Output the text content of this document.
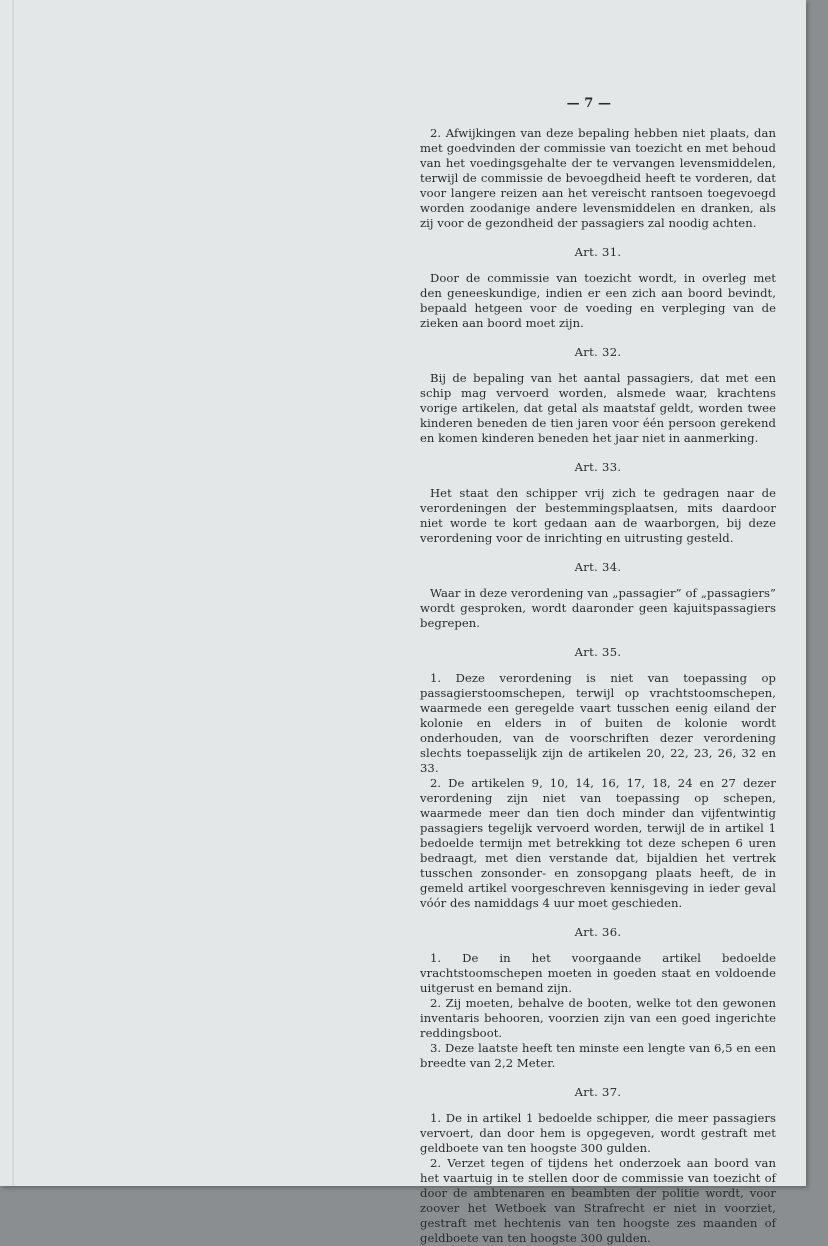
— 7 —

2. Afwijkingen van deze bepaling hebben niet plaats, dan met goedvinden der commissie van toezicht en met behoud van het voedingsgehalte der te vervangen levensmiddelen, terwijl de commissie de bevoegdheid heeft te vorderen, dat voor langere reizen aan het vereischt rantsoen toegevoegd worden zoodanige andere levensmiddelen en dranken, als zij voor de gezondheid der passagiers zal noodig achten.

Art. 31.

Door de commissie van toezicht wordt, in overleg met den geneeskundige, indien er een zich aan boord bevindt, bepaald hetgeen voor de voeding en verpleging van de zieken aan boord moet zijn.

Art. 32.

Bij de bepaling van het aantal passagiers, dat met een schip mag vervoerd worden, alsmede waar, krachtens vorige artikelen, dat getal als maatstaf geldt, worden twee kinderen beneden de tien jaren voor één persoon gerekend en komen kinderen beneden het jaar niet in aanmerking.

Art. 33.

Het staat den schipper vrij zich te gedragen naar de verordeningen der bestemmingsplaatsen, mits daardoor niet worde te kort gedaan aan de waarborgen, bij deze verordening voor de inrichting en uitrusting gesteld.

Art. 34.

Waar in deze verordening van „passagier” of „passagiers” wordt gesproken, wordt daaronder geen kajuitspassagiers begrepen.

Art. 35.

1. Deze verordening is niet van toepassing op passagierstoomschepen, terwijl op vrachtstoomschepen, waarmede een geregelde vaart tusschen eenig eiland der kolonie en elders in of buiten de kolonie wordt onderhouden, van de voorschriften dezer verordening slechts toepasselijk zijn de artikelen 20, 22, 23, 26, 32 en 33.

2. De artikelen 9, 10, 14, 16, 17, 18, 24 en 27 dezer verordening zijn niet van toepassing op schepen, waarmede meer dan tien doch minder dan vijfentwintig passagiers tegelijk vervoerd worden, terwijl de in artikel 1 bedoelde termijn met betrekking tot deze schepen 6 uren bedraagt, met dien verstande dat, bijaldien het vertrek tusschen zonsonder- en zonsopgang plaats heeft, de in gemeld artikel voorgeschreven kennisgeving in ieder geval vóór des namiddags 4 uur moet geschieden.

Art. 36.

1. De in het voorgaande artikel bedoelde vrachtstoomschepen moeten in goeden staat en voldoende uitgerust en bemand zijn.

2. Zij moeten, behalve de booten, welke tot den gewonen inventaris behooren, voorzien zijn van een goed ingerichte reddingsboot.

3. Deze laatste heeft ten minste een lengte van 6,5 en een breedte van 2,2 Meter.

Art. 37.

1. De in artikel 1 bedoelde schipper, die meer passagiers vervoert, dan door hem is opgegeven, wordt gestraft met geldboete van ten hoogste 300 gulden.

2. Verzet tegen of tijdens het onderzoek aan boord van het vaartuig in te stellen door de commissie van toezicht of door de ambtenaren en beambten der politie wordt, voor zoover het Wetboek van Strafrecht er niet in voorziet, gestraft met hechtenis van ten hoogste zes maanden of geldboete van ten hoogste 300 gulden.
